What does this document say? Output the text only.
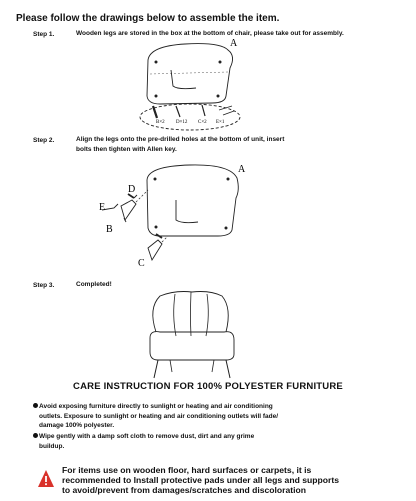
Please follow the drawings below to assemble the item.
Step 1.	Wooden legs are stored in the box at the bottom of chair, please take out for assembly.
A
B×2 D×12 C×2 E×1
Step 2.	Align the legs onto the pre-drilled holes at the bottom of unit, insert
bolts then tighten with Allen key.
A
E
D
B
C
Step 3.	Completed!
CARE INSTRUCTION FOR 100% POLYESTER FURNITURE
Avoid exposing furniture directly to sunlight or heating and air conditioning
outlets. Exposure to sunlight or heating and air conditioning outlets will fade/
damage 100% polyester.
Wipe gently with a damp soft cloth to remove dust, dirt and any grime
buildup.
For items use on wooden floor, hard surfaces or carpets, it is
recommended to Install protective pads under all legs and supports
to avoid/prevent from damages/scratches and discoloration
